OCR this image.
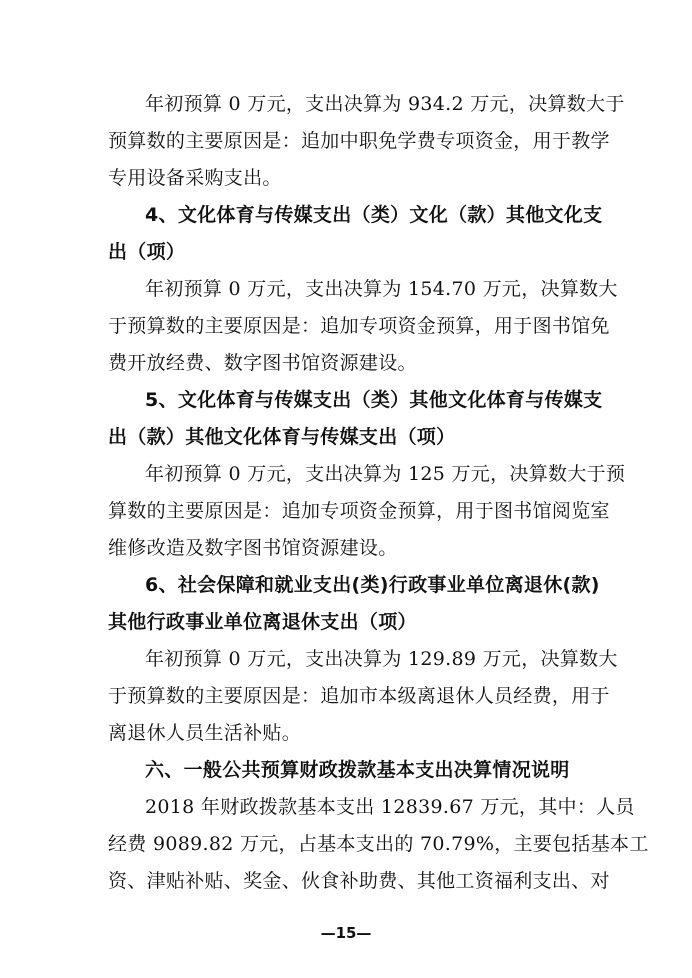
年初预算 0 万元，支出决算为 934.2 万元，决算数大于
预算数的主要原因是：追加中职免学费专项资金，用于教学
专用设备采购支出。
4、文化体育与传媒支出（类）文化（款）其他文化支
出（项）
年初预算 0 万元，支出决算为 154.70 万元，决算数大
于预算数的主要原因是：追加专项资金预算，用于图书馆免
费开放经费、数字图书馆资源建设。
5、文化体育与传媒支出（类）其他文化体育与传媒支
出（款）其他文化体育与传媒支出（项）
年初预算 0 万元，支出决算为 125 万元，决算数大于预
算数的主要原因是：追加专项资金预算，用于图书馆阅览室
维修改造及数字图书馆资源建设。
6、社会保障和就业支出(类)行政事业单位离退休(款)
其他行政事业单位离退休支出（项）
年初预算 0 万元，支出决算为 129.89 万元，决算数大
于预算数的主要原因是：追加市本级离退休人员经费，用于
离退休人员生活补贴。
六、一般公共预算财政拨款基本支出决算情况说明
2018 年财政拨款基本支出 12839.67 万元，其中：人员
经费 9089.82 万元，占基本支出的 70.79%，主要包括基本工
资、津贴补贴、奖金、伙食补助费、其他工资福利支出、对
—15—
